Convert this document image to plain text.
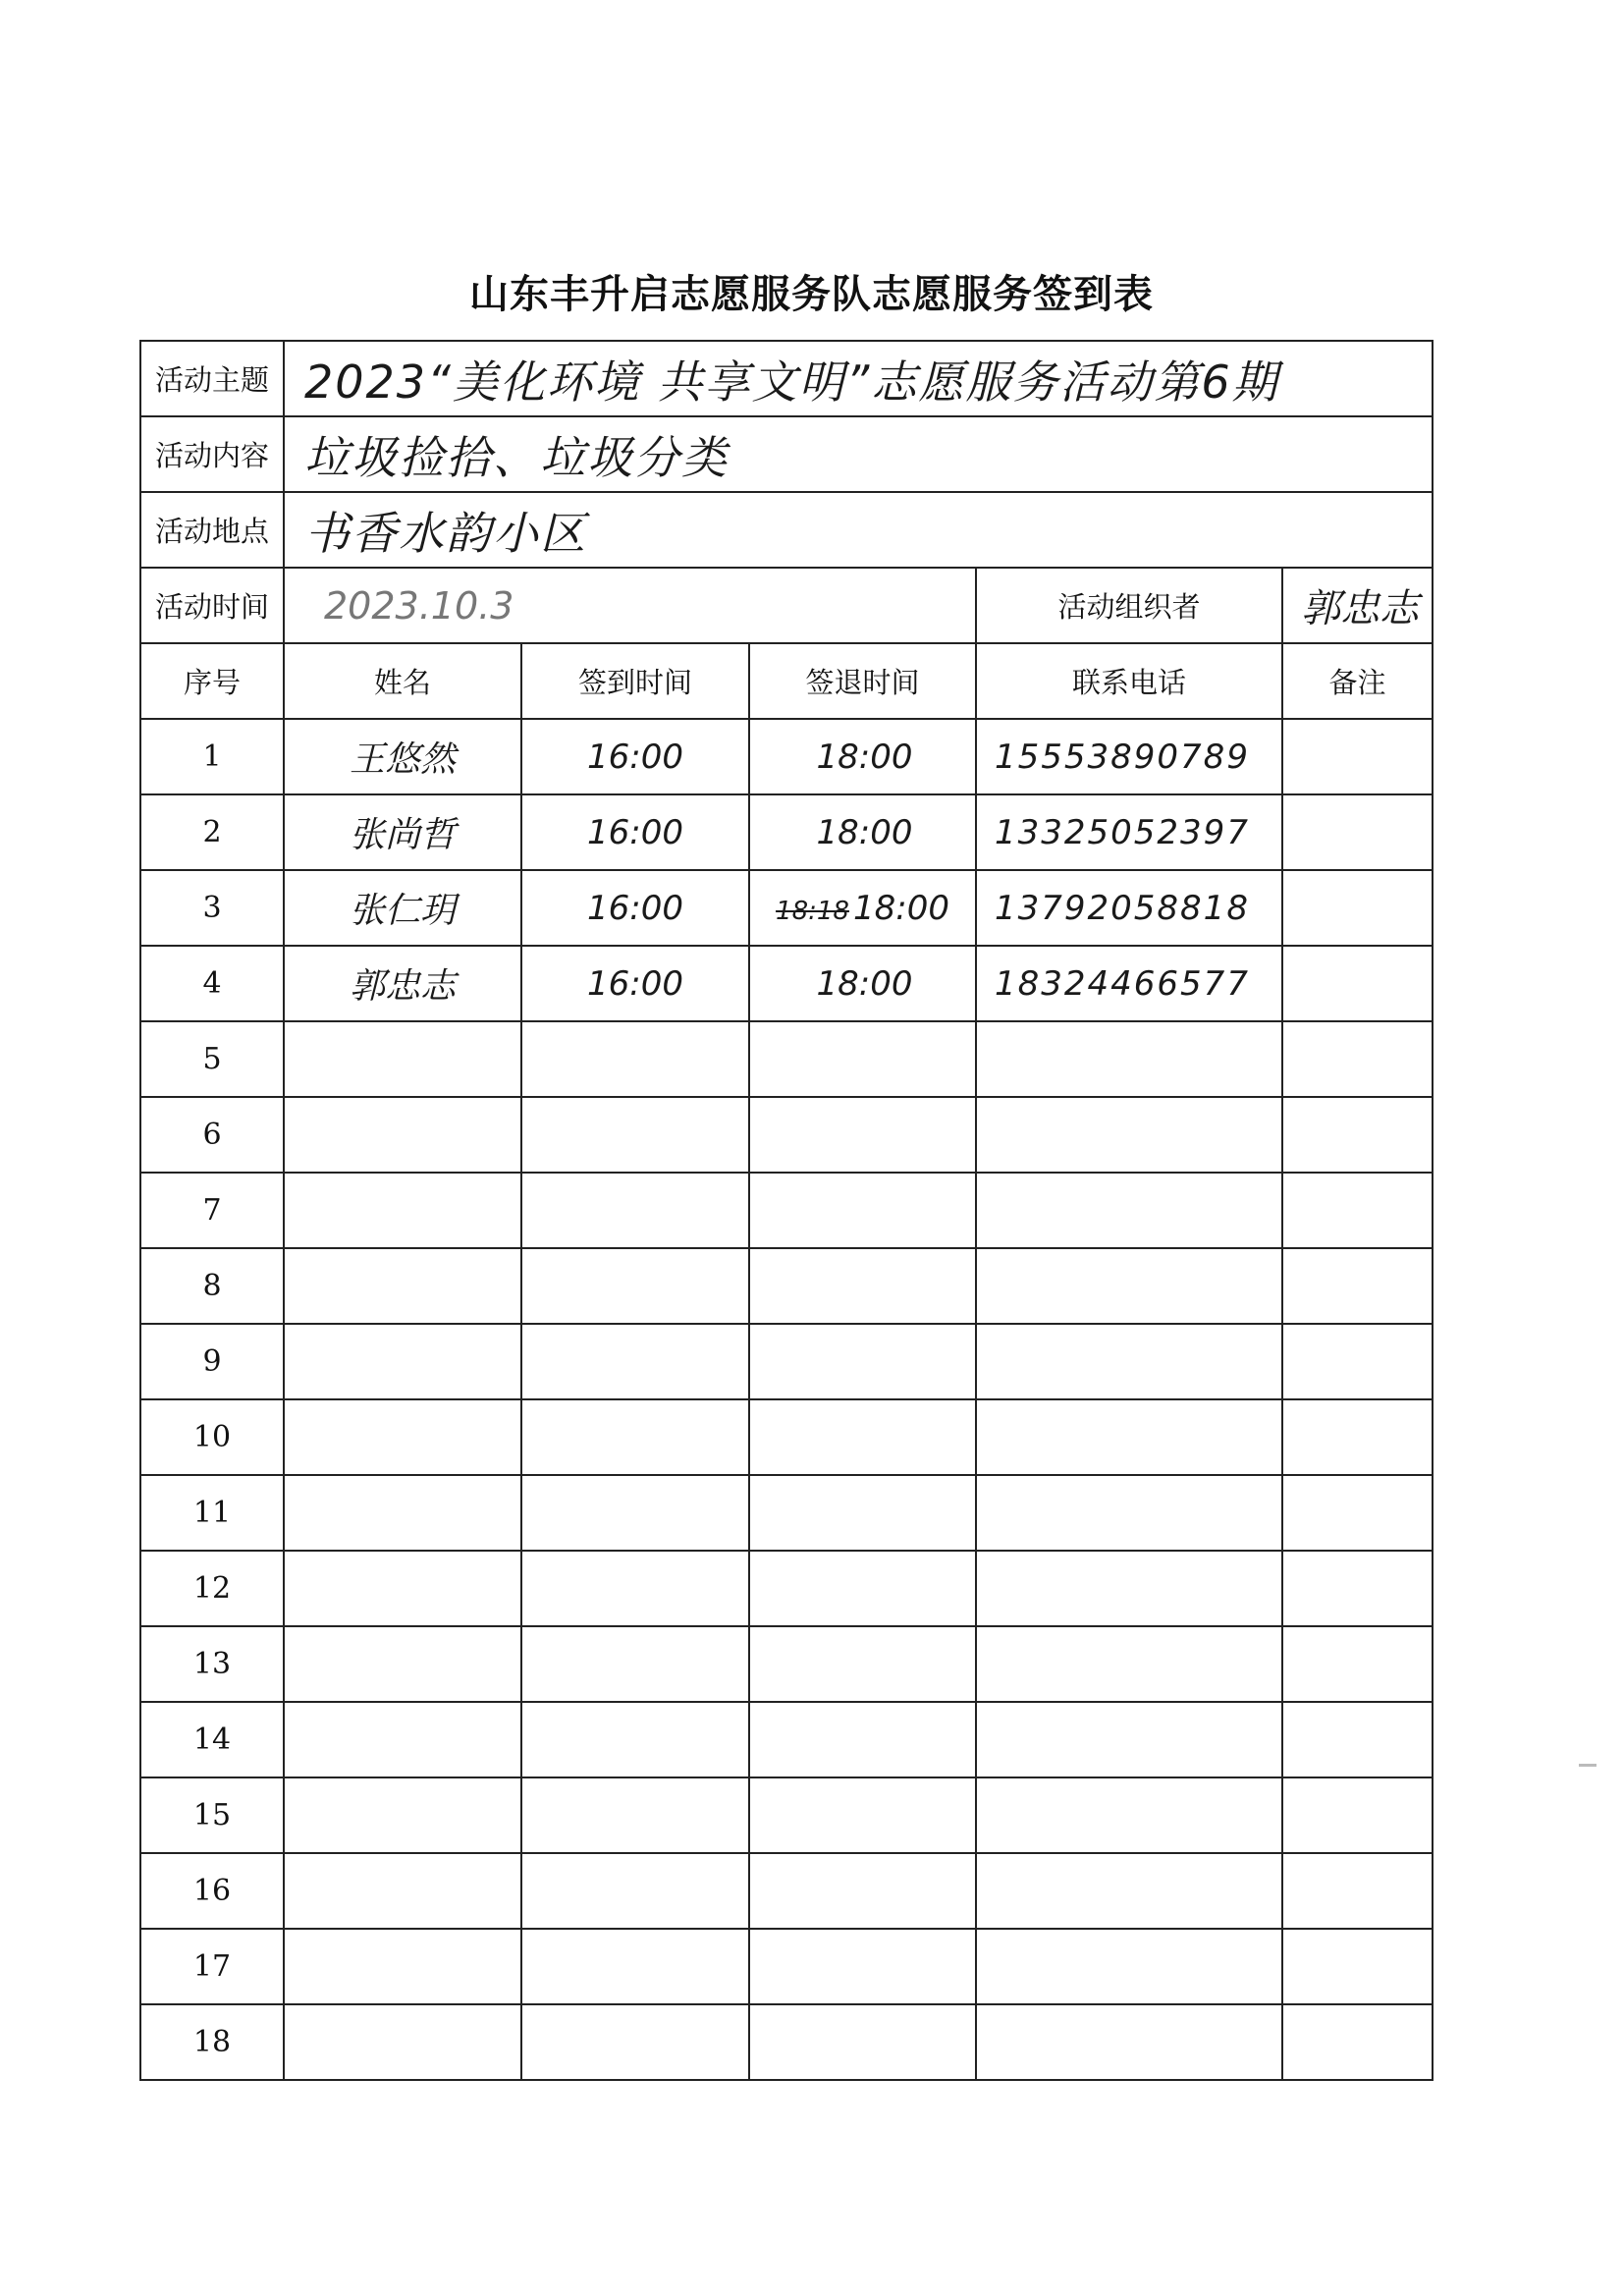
山东丰升启志愿服务队志愿服务签到表
活动主题	2023“美化环境 共享文明”志愿服务活动第6期				
活动内容	垃圾捡拾、垃圾分类				
活动地点	书香水韵小区				
活动时间	2023.10.3			活动组织者	郭忠志
序号	姓名	签到时间	签退时间	联系电话	备注
1	王悠然	16:00	18:00	15553890789	
2	张尚哲	16:00	18:00	13325052397	
3	张仁玥	16:00	18:18 18:00	13792058818	
4	郭忠志	16:00	18:00	18324466577	
5					
6					
7					
8					
9					
10					
11					
12					
13					
14					
15					
16					
17					
18					
